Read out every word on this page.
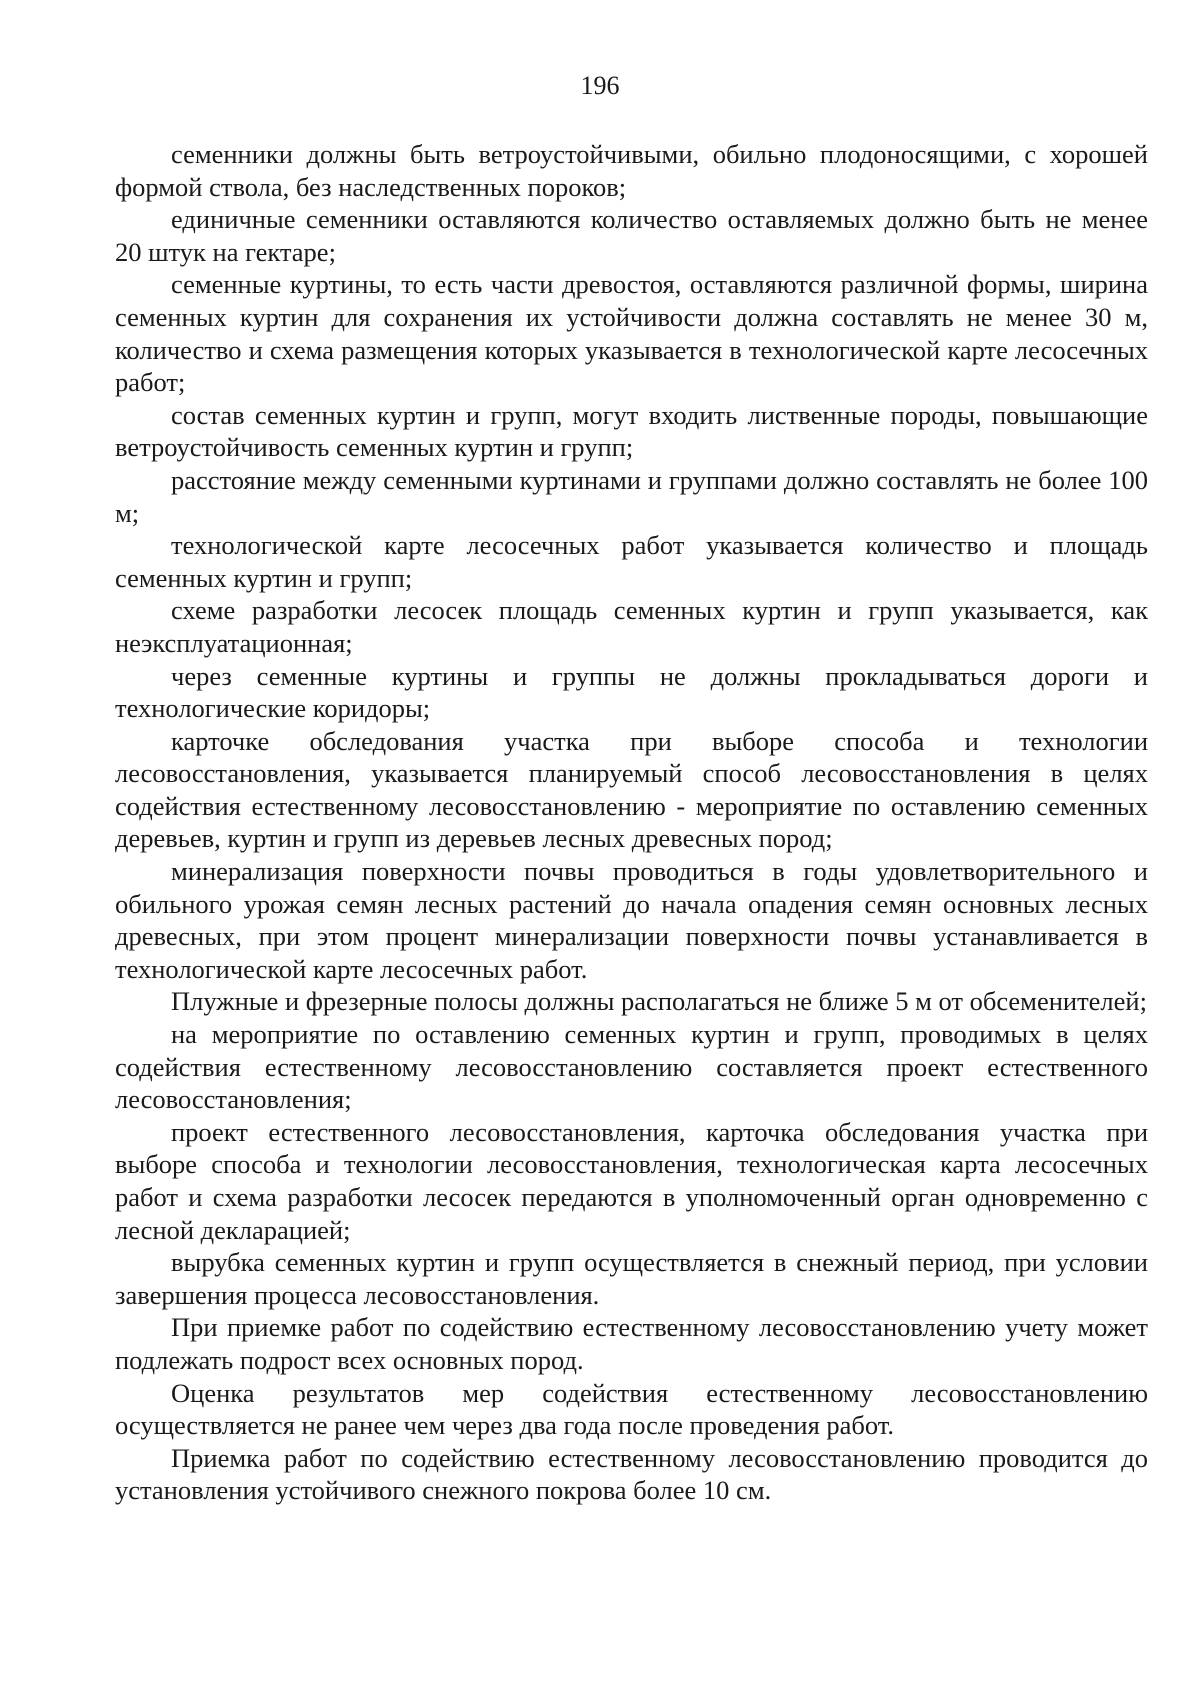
196

семенники должны быть ветроустойчивыми, обильно плодоносящими, с хорошей формой ствола, без наследственных пороков;

единичные семенники оставляются количество оставляемых должно быть не менее 20 штук на гектаре;

семенные куртины, то есть части древостоя, оставляются различной формы, ширина семенных куртин для сохранения их устойчивости должна составлять не менее 30 м, количество и схема размещения которых указывается в технологической карте лесосечных работ;

состав семенных куртин и групп, могут входить лиственные породы, повышающие ветроустойчивость семенных куртин и групп;

расстояние между семенными куртинами и группами должно составлять не более 100 м;

технологической карте лесосечных работ указывается количество и площадь семенных куртин и групп;

схеме разработки лесосек площадь семенных куртин и групп указывается, как неэксплуатационная;

через семенные куртины и группы не должны прокладываться дороги и технологические коридоры;

карточке обследования участка при выборе способа и технологии лесовосстановления, указывается планируемый способ лесовосстановления в целях содействия естественному лесовосстановлению - мероприятие по оставлению семенных деревьев, куртин и групп из деревьев лесных древесных пород;

минерализация поверхности почвы проводиться в годы удовлетворительного и обильного урожая семян лесных растений до начала опадения семян основных лесных древесных, при этом процент минерализации поверхности почвы устанавливается в технологической карте лесосечных работ.

Плужные и фрезерные полосы должны располагаться не ближе 5 м от обсеменителей;

на мероприятие по оставлению семенных куртин и групп, проводимых в целях содействия естественному лесовосстановлению составляется проект естественного лесовосстановления;

проект естественного лесовосстановления, карточка обследования участка при выборе способа и технологии лесовосстановления, технологическая карта лесосечных работ и схема разработки лесосек передаются в уполномоченный орган одновременно с лесной декларацией;

вырубка семенных куртин и групп осуществляется в снежный период, при условии завершения процесса лесовосстановления.

При приемке работ по содействию естественному лесовосстановлению учету может подлежать подрост всех основных пород.

Оценка результатов мер содействия естественному лесовосстановлению осуществляется не ранее чем через два года после проведения работ.

Приемка работ по содействию естественному лесовосстановлению проводится до установления устойчивого снежного покрова более 10 см.
